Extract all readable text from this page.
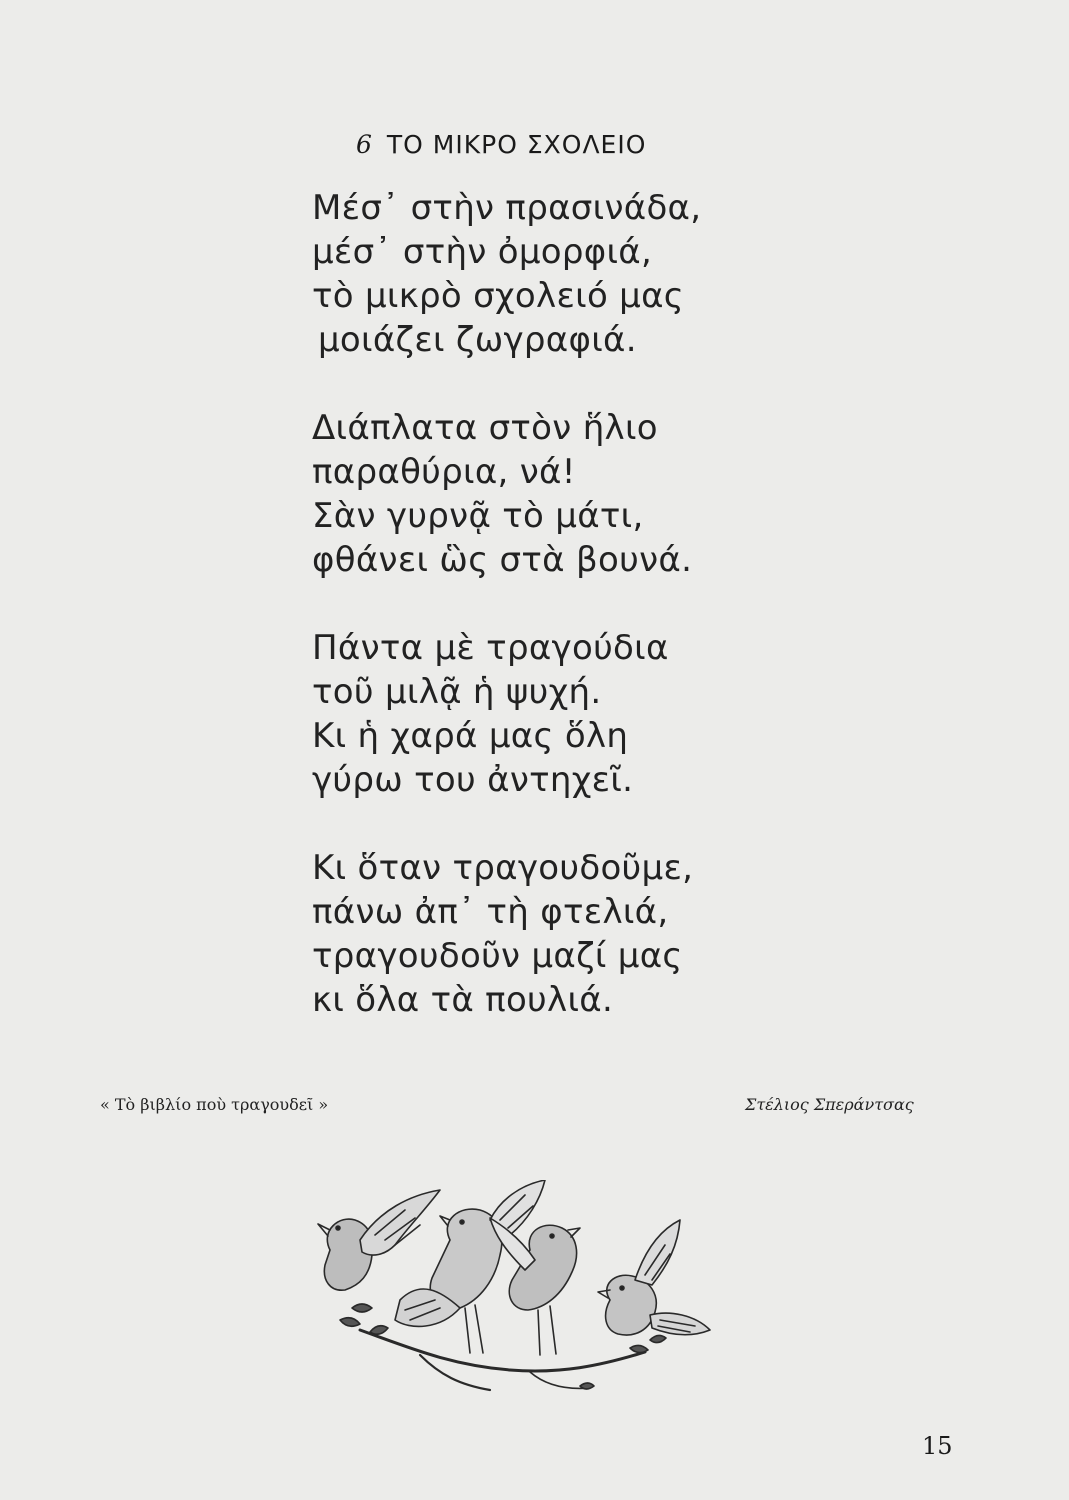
6 ΤΟ ΜΙΚΡΟ ΣΧΟΛΕΙΟ
Μέσ᾽ στὴν πρασινάδα,
μέσ᾽ στὴν ὀμορφιά,
τὸ μικρὸ σχολειό μας
μοιάζει ζωγραφιά.
Διάπλατα στὸν ἥλιο
παραθύρια, νά!
Σὰν γυρνᾷ τὸ μάτι,
φθάνει ὣς στὰ βουνά.
Πάντα μὲ τραγούδια
τοῦ μιλᾷ ἡ ψυχή.
Κι ἡ χαρά μας ὅλη
γύρω του ἀντηχεῖ.
Κι ὅταν τραγουδοῦμε,
πάνω ἀπ᾽ τὴ φτελιά,
τραγουδοῦν μαζί μας
κι ὅλα τὰ πουλιά.
« Τὸ βιβλίο ποὺ τραγουδεῖ »	Στέλιος Σπεράντσας
15
